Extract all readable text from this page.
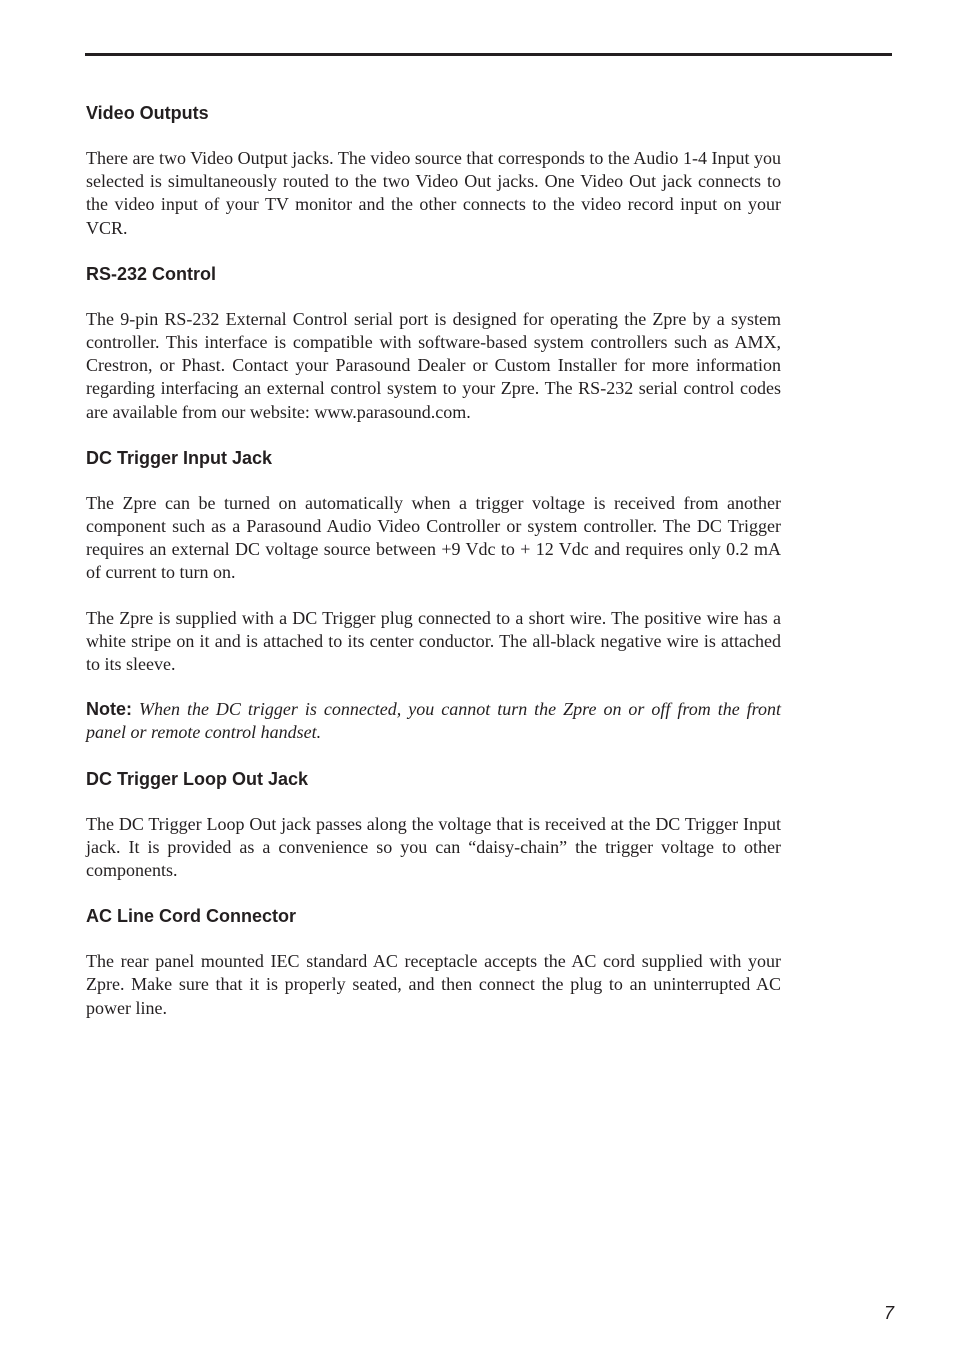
Video Outputs

There are two Video Output jacks. The video source that corresponds to the Audio 1-4 Input you selected is simultaneously routed to the two Video Out jacks. One Video Out jack connects to the video input of your TV monitor and the other connects to the video record input on your VCR.

RS-232 Control

The 9-pin RS-232 External Control serial port is designed for operating the Zpre by a system controller. This interface is compatible with software-based system controllers such as AMX, Crestron, or Phast. Contact your Parasound Dealer or Custom Installer for more information regarding interfacing an external control system to your Zpre. The RS-232 serial control codes are available from our website: www.parasound.com.

DC Trigger Input Jack

The Zpre can be turned on automatically when a trigger voltage is received from another component such as a Parasound Audio Video Controller or system controller. The DC Trigger requires an external DC voltage source between +9 Vdc to + 12 Vdc and requires only 0.2 mA of current to turn on.

The Zpre is supplied with a DC Trigger plug connected to a short wire. The positive wire has a white stripe on it and is attached to its center conductor. The all-black negative wire is attached to its sleeve.

Note: When the DC trigger is connected, you cannot turn the Zpre on or off from the front panel or remote control handset.

DC Trigger Loop Out Jack

The DC Trigger Loop Out jack passes along the voltage that is received at the DC Trigger Input jack. It is provided as a convenience so you can “daisy-chain” the trigger voltage to other components.

AC Line Cord Connector

The rear panel mounted IEC standard AC receptacle accepts the AC cord supplied with your Zpre. Make sure that it is properly seated, and then connect the plug to an uninterrupted AC power line.

7
